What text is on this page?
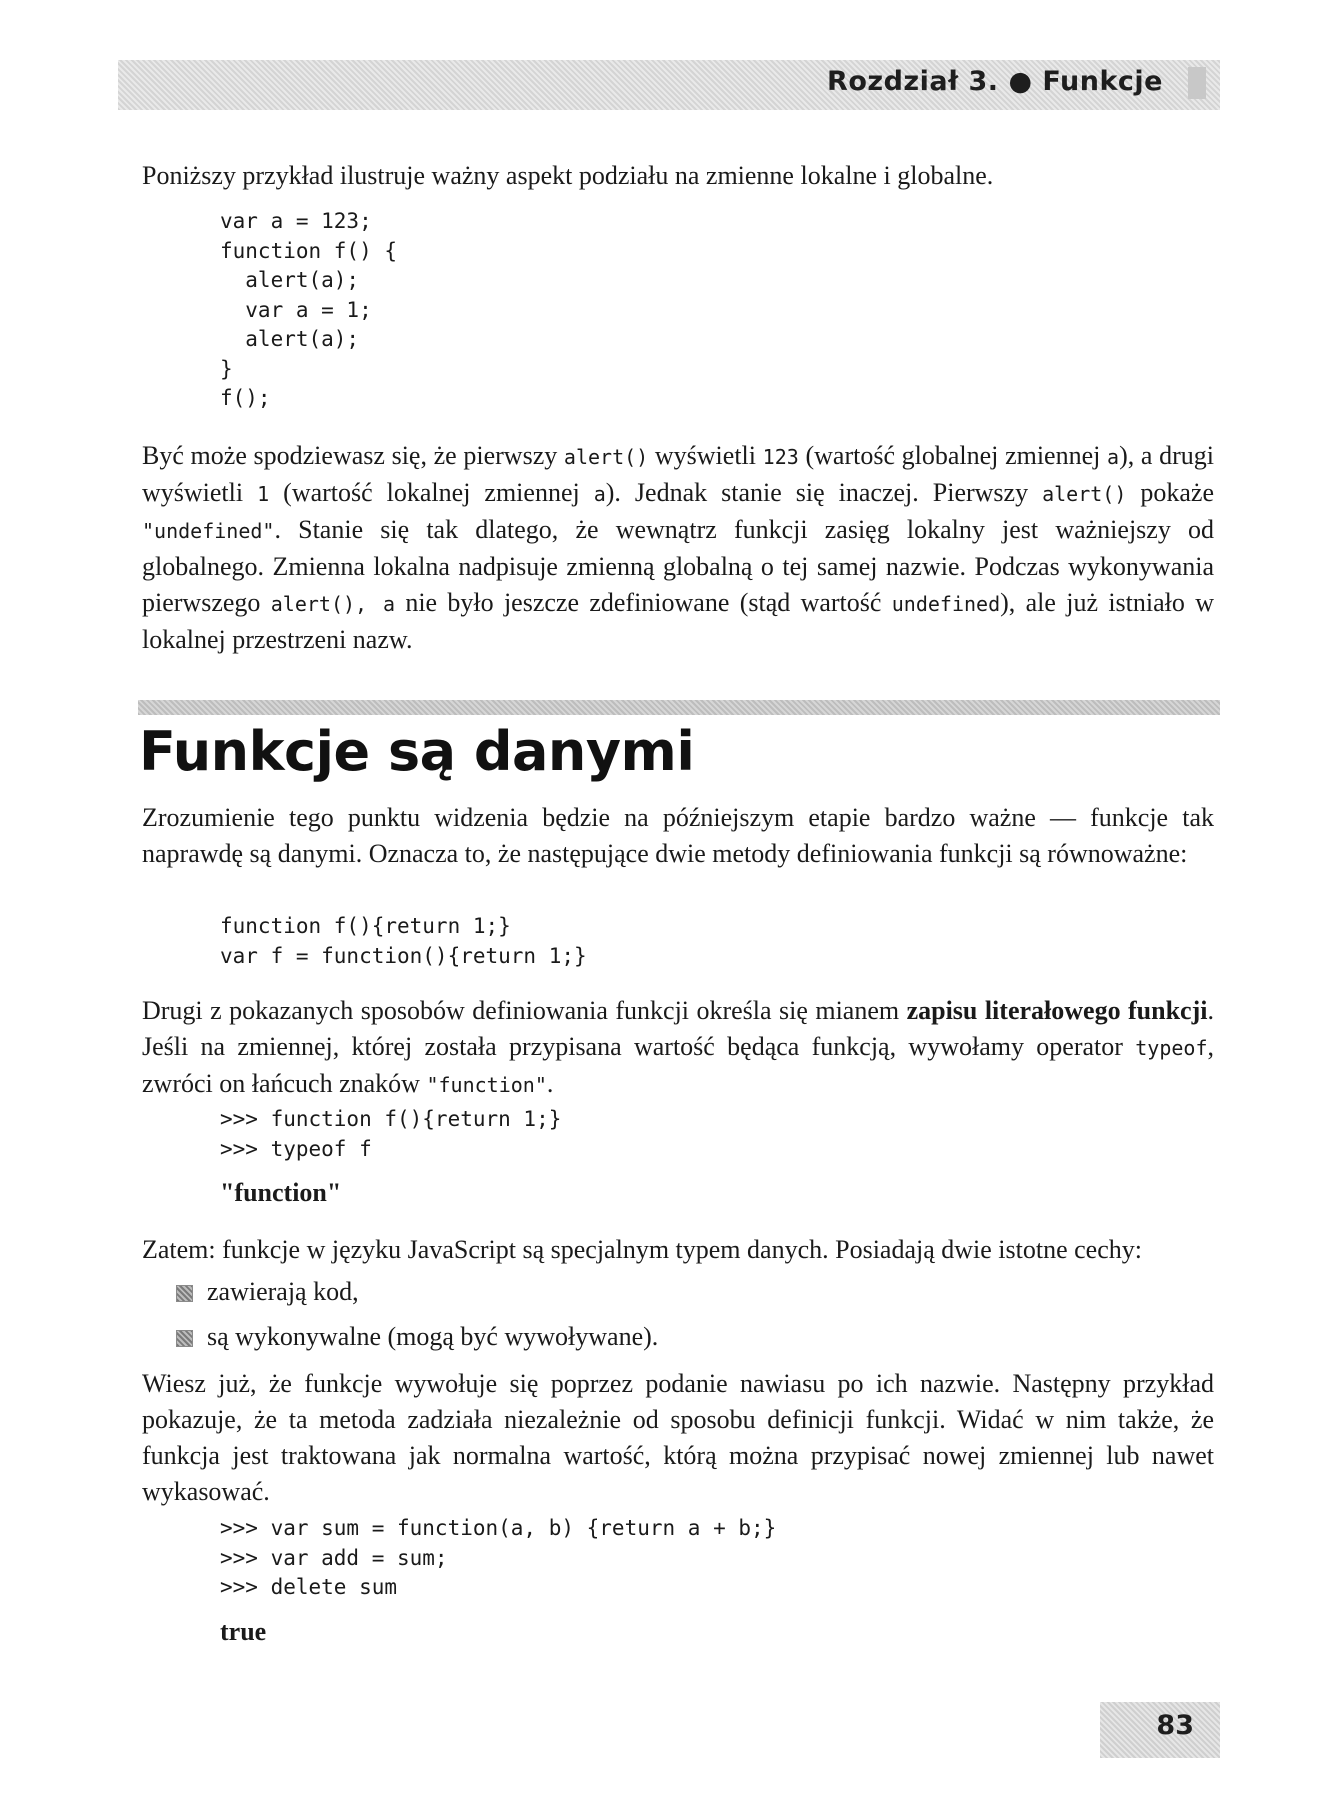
Rozdział 3. ● Funkcje

Poniższy przykład ilustruje ważny aspekt podziału na zmienne lokalne i globalne.

var a = 123;
function f() {
alert(a);
var a = 1;
alert(a);
}
f();

Być może spodziewasz się, że pierwszy alert() wyświetli 123 (wartość globalnej zmiennej a), a drugi wyświetli 1 (wartość lokalnej zmiennej a). Jednak stanie się inaczej. Pierwszy alert() pokaże "undefined". Stanie się tak dlatego, że wewnątrz funkcji zasięg lokalny jest ważniejszy od globalnego. Zmienna lokalna nadpisuje zmienną globalną o tej samej nazwie. Podczas wykonywania pierwszego alert(), a nie było jeszcze zdefiniowane (stąd wartość undefined), ale już istniało w lokalnej przestrzeni nazw.

Funkcje są danymi

Zrozumienie tego punktu widzenia będzie na późniejszym etapie bardzo ważne — funkcje tak naprawdę są danymi. Oznacza to, że następujące dwie metody definiowania funkcji są równoważne:

function f(){return 1;}
var f = function(){return 1;}

Drugi z pokazanych sposobów definiowania funkcji określa się mianem zapisu literałowego funkcji. Jeśli na zmiennej, której została przypisana wartość będąca funkcją, wywołamy operator typeof, zwróci on łańcuch znaków "function".

>>> function f(){return 1;}
>>> typeof f
"function"

Zatem: funkcje w języku JavaScript są specjalnym typem danych. Posiadają dwie istotne cechy:

zawierają kod,
są wykonywalne (mogą być wywoływane).

Wiesz już, że funkcje wywołuje się poprzez podanie nawiasu po ich nazwie. Następny przykład pokazuje, że ta metoda zadziała niezależnie od sposobu definicji funkcji. Widać w nim także, że funkcja jest traktowana jak normalna wartość, którą można przypisać nowej zmiennej lub nawet wykasować.

>>> var sum = function(a, b) {return a + b;}
>>> var add = sum;
>>> delete sum
true
83
